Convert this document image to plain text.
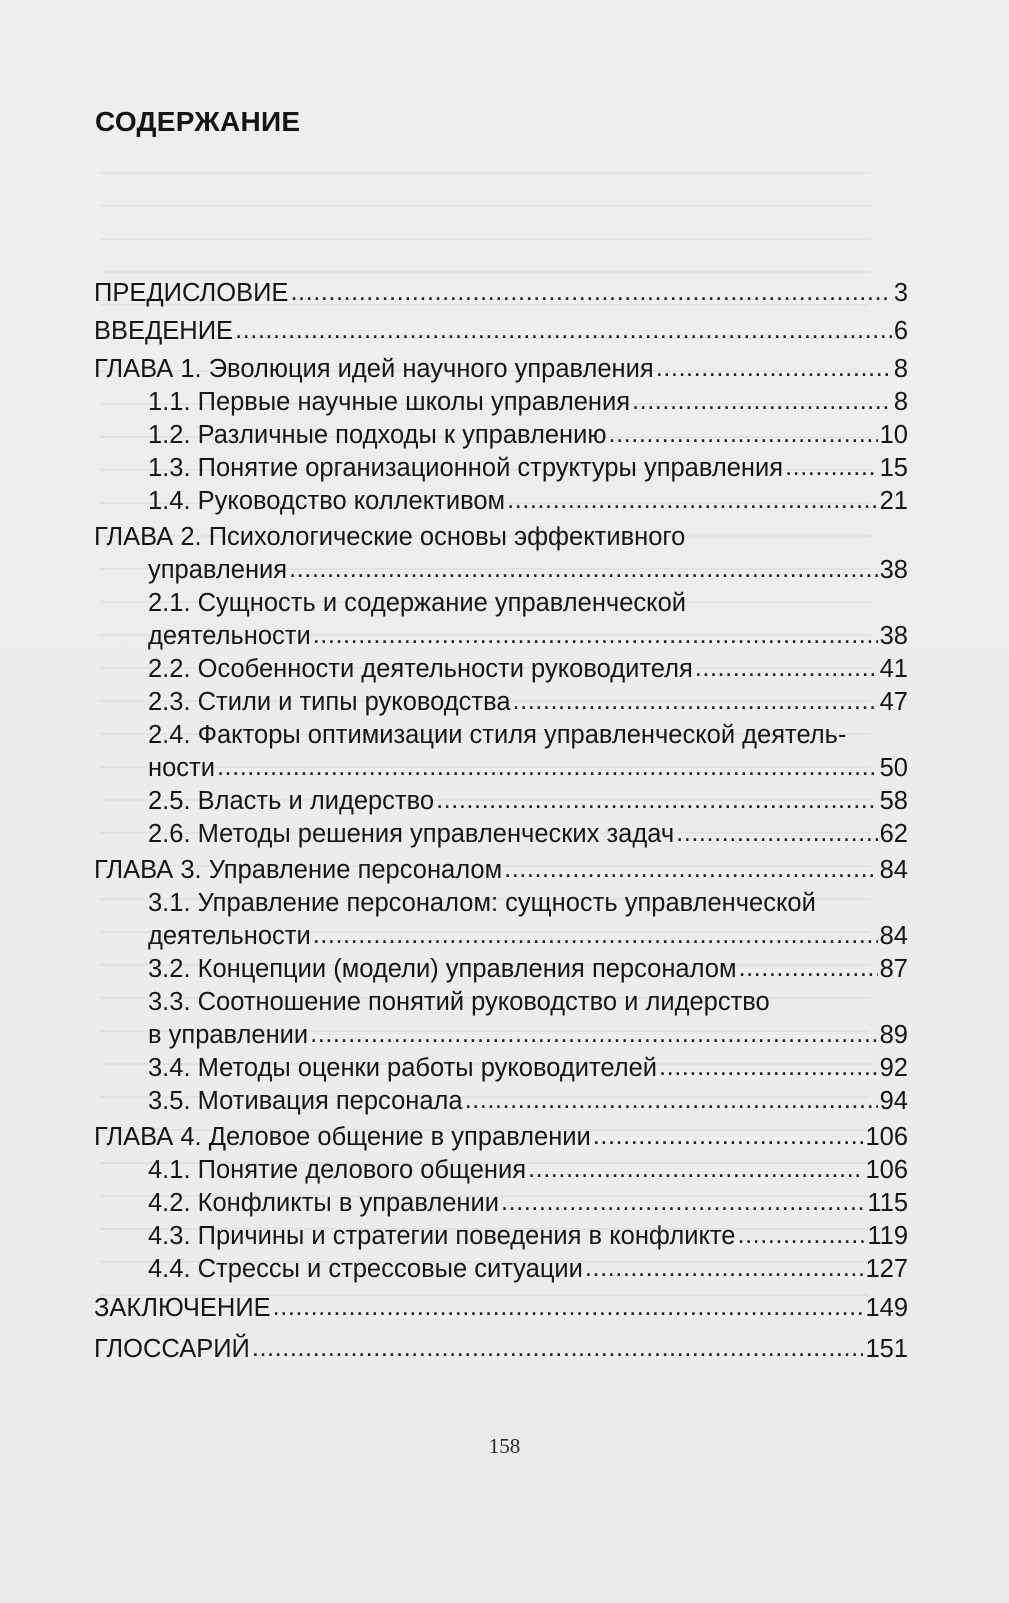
СОДЕРЖАНИЕ
ПРЕДИСЛОВИЕ .....	3
ВВЕДЕНИЕ .....	6
ГЛАВА 1. Эволюция идей научного управления .....	8
1.1. Первые научные школы управления .....	8
1.2. Различные подходы к управлению .....	10
1.3. Понятие организационной структуры управления .....	15
1.4. Руководство коллективом .....	21
ГЛАВА 2. Психологические основы эффективного
управления .....	38
2.1. Сущность и содержание управленческой
деятельности .....	38
2.2. Особенности деятельности руководителя .....	41
2.3. Стили и типы руководства .....	47
2.4. Факторы оптимизации стиля управленческой деятель-
ности .....	50
2.5. Власть и лидерство .....	58
2.6. Методы решения управленческих задач .....	62
ГЛАВА 3. Управление персоналом .....	84
3.1. Управление персоналом: сущность управленческой
деятельности .....	84
3.2. Концепции (модели) управления персоналом .....	87
3.3. Соотношение понятий руководство и лидерство
в управлении .....	89
3.4. Методы оценки работы руководителей .....	92
3.5. Мотивация персонала .....	94
ГЛАВА 4. Деловое общение в управлении .....	106
4.1. Понятие делового общения .....	106
4.2. Конфликты в управлении .....	115
4.3. Причины и стратегии поведения в конфликте .....	119
4.4. Стрессы и стрессовые ситуации .....	127
ЗАКЛЮЧЕНИЕ .....	149
ГЛОССАРИЙ .....	151
158
